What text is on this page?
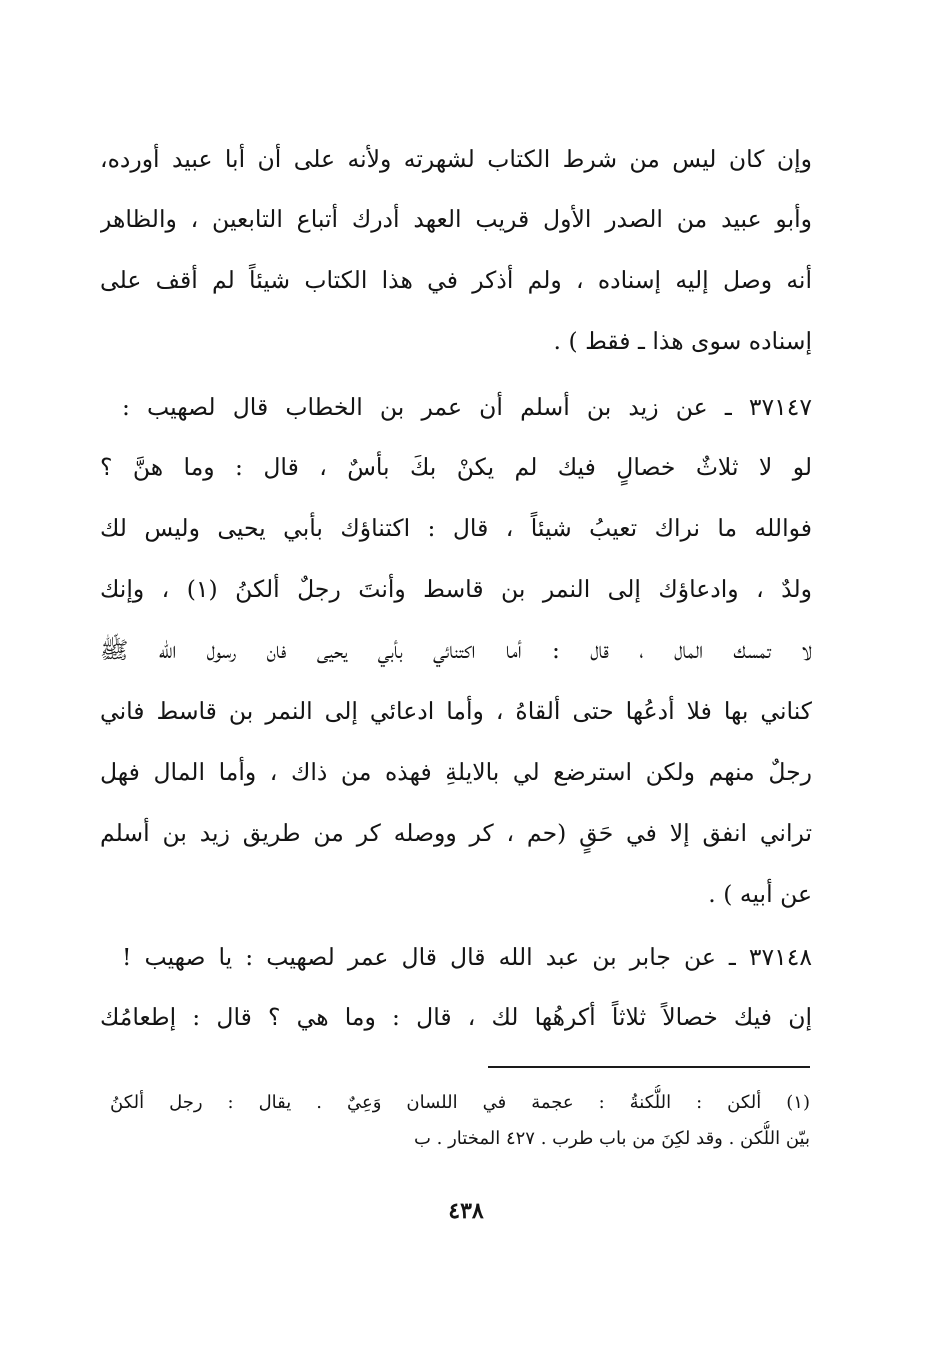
وإن كان ليس من شرط الكتاب لشهرته ولأنه على أن أبا عبيد أورده،
وأبو عبيد من الصدر الأول قريب العهد أدرك أتباع التابعين ، والظاهر
أنه وصل إليه إسناده ، ولم أذكر في هذا الكتاب شيئاً لم أقف على
إسناده سوى هذا ـ فقط ) .
٣٧١٤٧ ـ عن زيد بن أسلم أن عمر بن الخطاب قال لصهيب :
لو لا ثلاثٌ خصالٍ فيك لم يكنْ بكَ بأسٌ ، قال : وما هنَّ ؟
فوالله ما نراك تعيبُ شيئاً ، قال : اكتناؤك بأبي يحيى وليس لك
ولدٌ ، وادعاؤك إلى النمر بن قاسط وأنتَ رجلٌ ألكنُ (١) ، وإنك
لا تمسك المال ، قال : أما اكتنائي بأبي يحيى فان رسول الله ﷺ
كناني بها فلا أدعُها حتى ألقاهُ ، وأما ادعائي إلى النمر بن قاسط فاني
رجلٌ منهم ولكن استرضع لي بالايلةِ فهذه من ذاك ، وأما المال فهل
تراني انفق إلا في حَقٍ (حم ، كر ووصله كر من طريق زيد بن أسلم
عن أبيه ) .
٣٧١٤٨ ـ عن جابر بن عبد الله قال قال عمر لصهيب : يا صهيب !
إن فيك خصالاً ثلاثاً أكرهُها لك ، قال : وما هي ؟ قال : إطعامُك
(١) ألكن : اللُّكنةُ : عجمة في اللسان وَعِيٌ . يقال : رجل ألكنُ
بيّن اللُّكن . وقد لكِنَ من باب طرب . ٤٢٧ المختار . ب
٤٣٨
